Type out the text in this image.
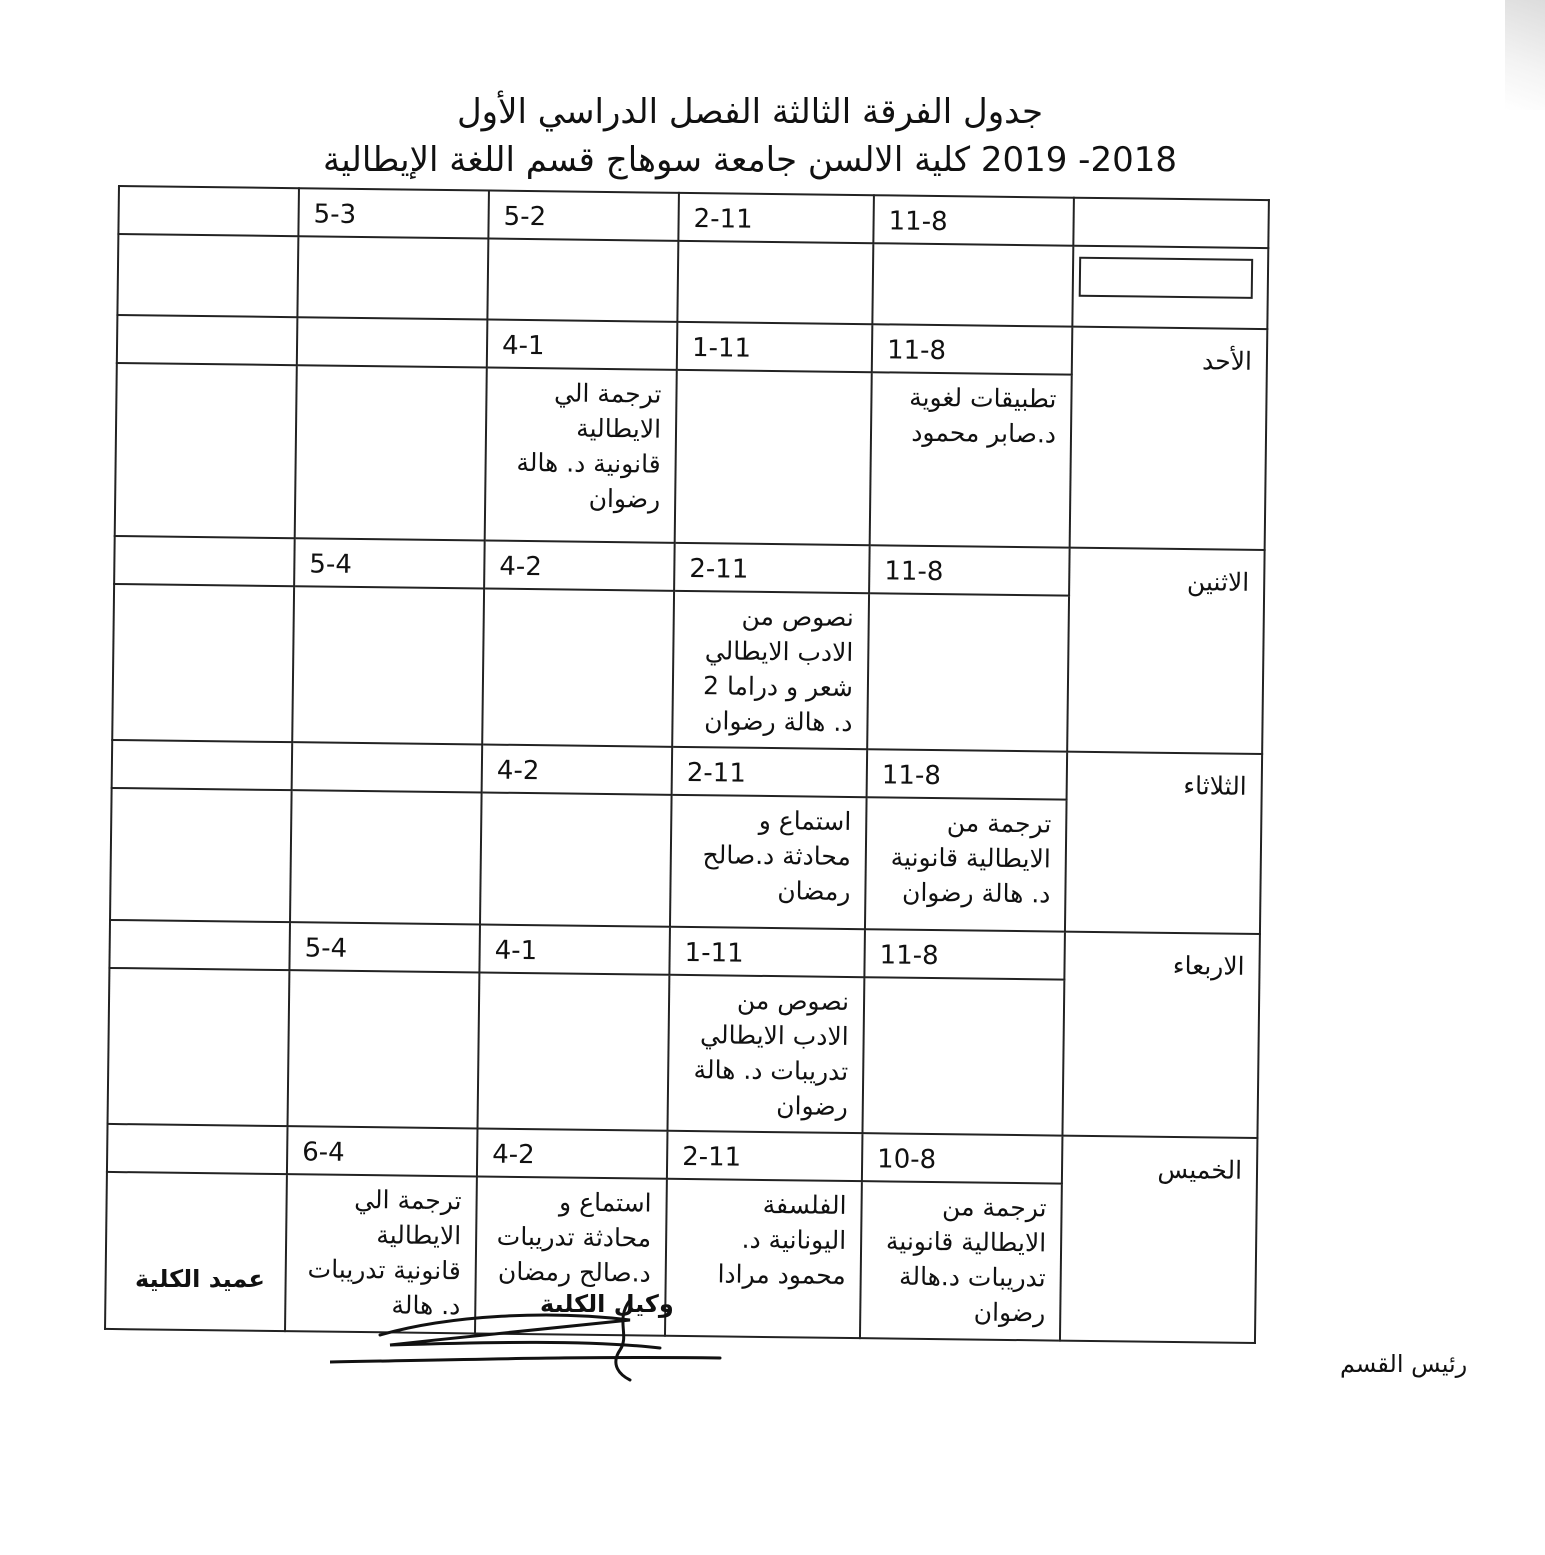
جدول الفرقة الثالثة الفصل الدراسي الأول
2018- 2019 كلية الالسن جامعة سوهاج قسم اللغة الإيطالية
	5-3	5-2	2-11	11-8	

		4-1	1-11	11-8	الأحد
		ترجمة الي الايطالية قانونية د. هالة رضوان		تطبيقات لغوية د.صابر محمود	
	5-4	4-2	2-11	11-8	الاثنين
			نصوص من الادب الايطالي شعر و دراما 2 د. هالة رضوان		
		4-2	2-11	11-8	الثلاثاء
			استماع و محادثة د.صالح رمضان	ترجمة من الايطالية قانونية د. هالة رضوان	
	5-4	4-1	1-11	11-8	الاربعاء
			نصوص من الادب الايطالي تدريبات د. هالة رضوان		
	6-4	4-2	2-11	10-8	الخميس
	ترجمة الي الايطالية قانونية تدريبات د. هالة	استماع و محادثة تدريبات د.صالح رمضان	الفلسفة اليونانية د. محمود مرادا	ترجمة من الايطالية قانونية تدريبات د.هالة رضوان	
عميد الكلية
وكيل الكلية
رئيس القسم
